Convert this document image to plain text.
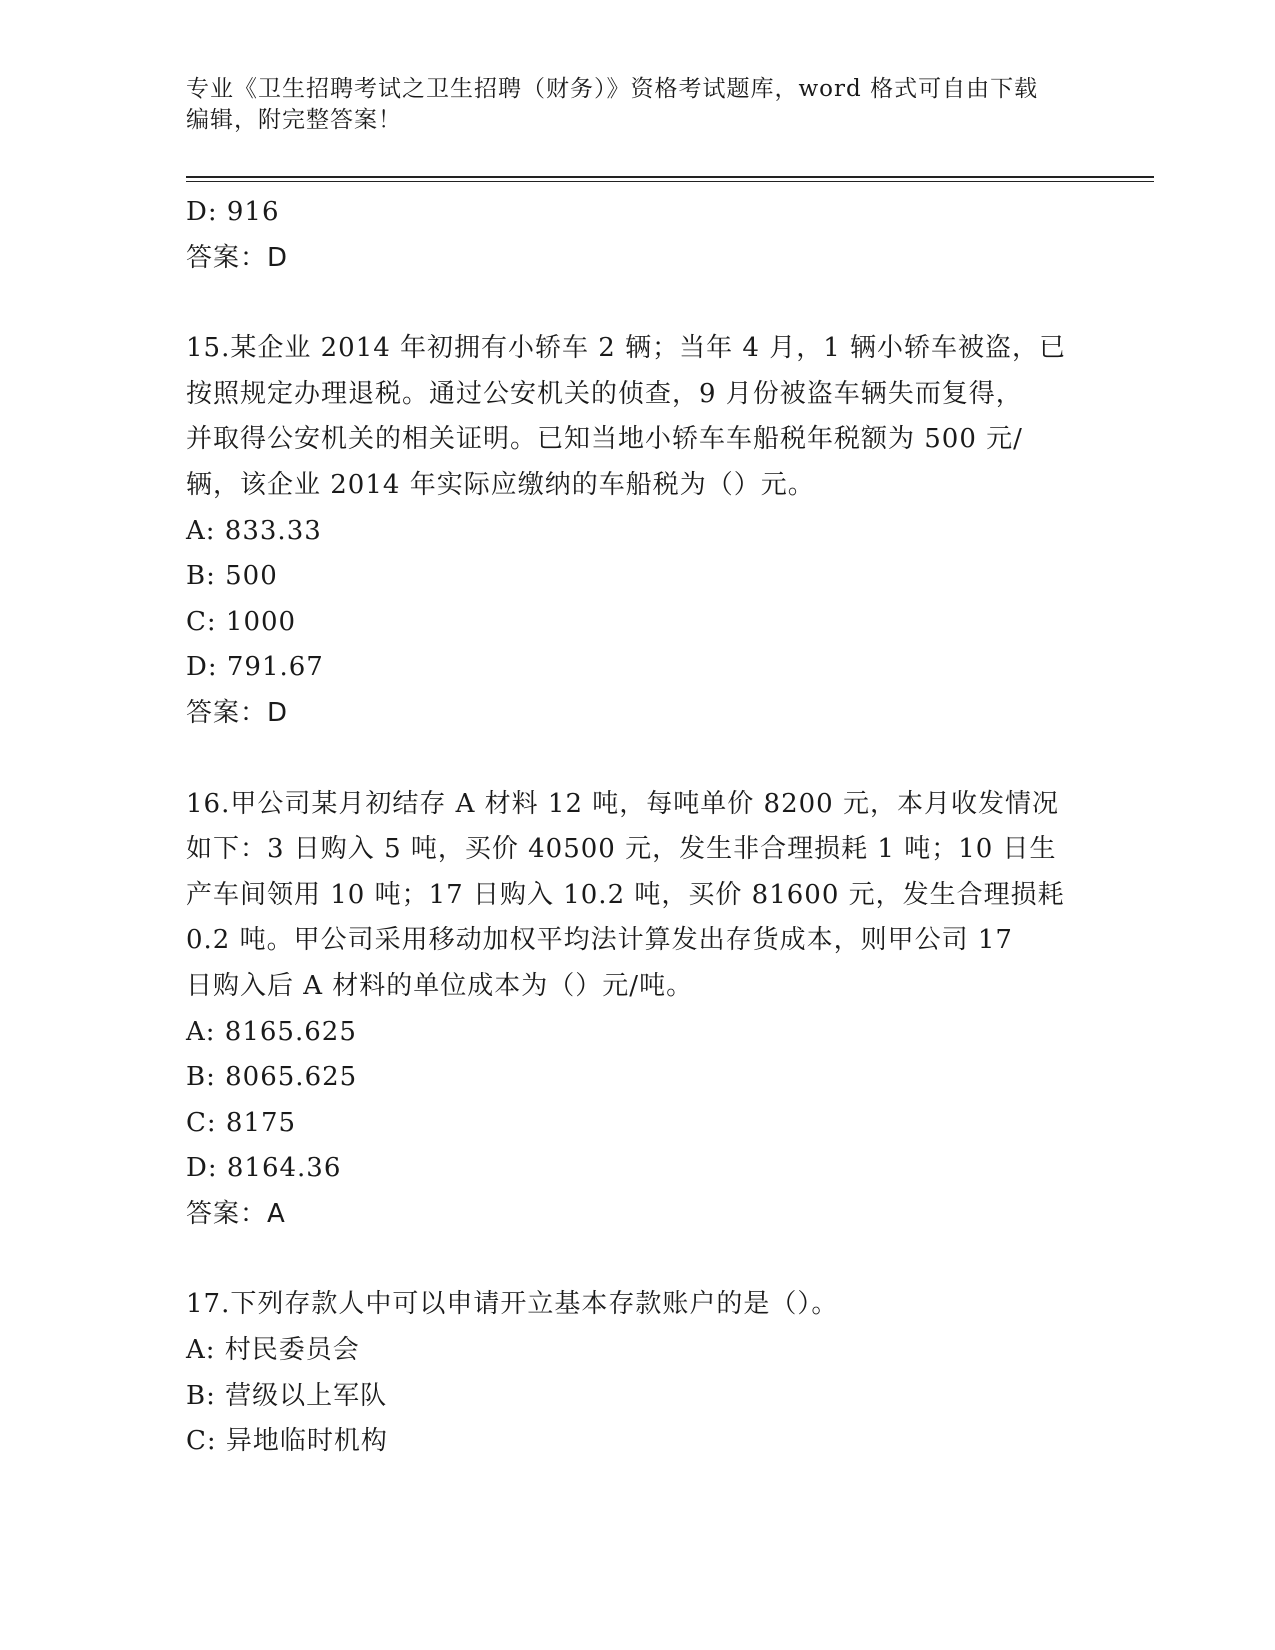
专业《卫生招聘考试之卫生招聘（财务）》资格考试题库，word 格式可自由下载
编辑，附完整答案！
D: 916
答案：D
15.某企业 2014 年初拥有小轿车 2 辆；当年 4 月，1 辆小轿车被盗，已
按照规定办理退税。通过公安机关的侦查，9 月份被盗车辆失而复得，
并取得公安机关的相关证明。已知当地小轿车车船税年税额为 500 元/
辆，该企业 2014 年实际应缴纳的车船税为（）元。
A: 833.33
B: 500
C: 1000
D: 791.67
答案：D
16.甲公司某月初结存 A 材料 12 吨，每吨单价 8200 元，本月收发情况
如下：3 日购入 5 吨，买价 40500 元，发生非合理损耗 1 吨；10 日生
产车间领用 10 吨；17 日购入 10.2 吨，买价 81600 元，发生合理损耗
0.2 吨。甲公司采用移动加权平均法计算发出存货成本，则甲公司 17
日购入后 A 材料的单位成本为（）元/吨。
A: 8165.625
B: 8065.625
C: 8175
D: 8164.36
答案：A
17.下列存款人中可以申请开立基本存款账户的是（）。
A: 村民委员会
B: 营级以上军队
C: 异地临时机构
